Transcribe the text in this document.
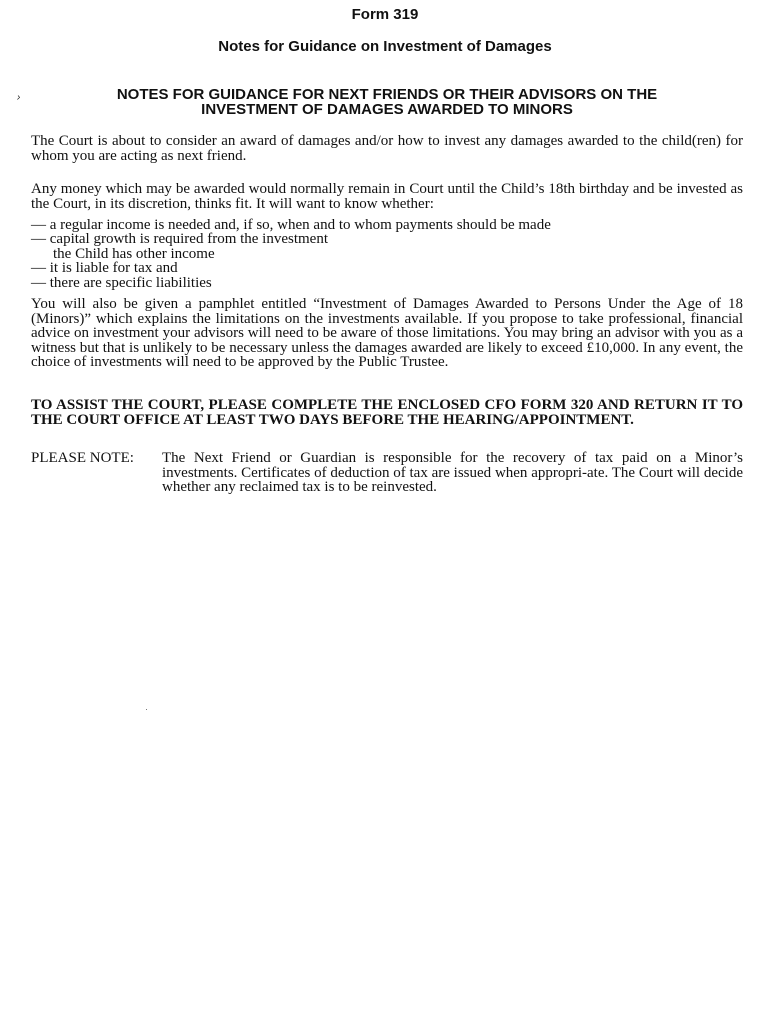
Form 319
Notes for Guidance on Investment of Damages
›	NOTES FOR GUIDANCE FOR NEXT FRIENDS OR THEIR ADVISORS ON THE
INVESTMENT OF DAMAGES AWARDED TO MINORS
The Court is about to consider an award of damages and/or how to invest any damages awarded to the child(ren) for whom you are acting as next friend.
Any money which may be awarded would normally remain in Court until the Child’s 18th birthday and be invested as the Court, in its discretion, thinks fit. It will want to know whether:
— a regular income is needed and, if so, when and to whom payments should be made
— capital growth is required from the investment
the Child has other income
— it is liable for tax and
— there are specific liabilities
You will also be given a pamphlet entitled “Investment of Damages Awarded to Persons Under the Age of 18 (Minors)” which explains the limitations on the investments available. If you propose to take professional, financial advice on investment your advisors will need to be aware of those limitations. You may bring an advisor with you as a witness but that is unlikely to be necessary unless the damages awarded are likely to exceed £10,000. In any event, the choice of investments will need to be approved by the Public Trustee.
TO ASSIST THE COURT, PLEASE COMPLETE THE ENCLOSED CFO FORM 320 AND RETURN IT TO THE COURT OFFICE AT LEAST TWO DAYS BEFORE THE HEARING/APPOINTMENT.
PLEASE NOTE: The Next Friend or Guardian is responsible for the recovery of tax paid on a Minor’s investments. Certificates of deduction of tax are issued when appropri-ate. The Court will decide whether any reclaimed tax is to be reinvested.
